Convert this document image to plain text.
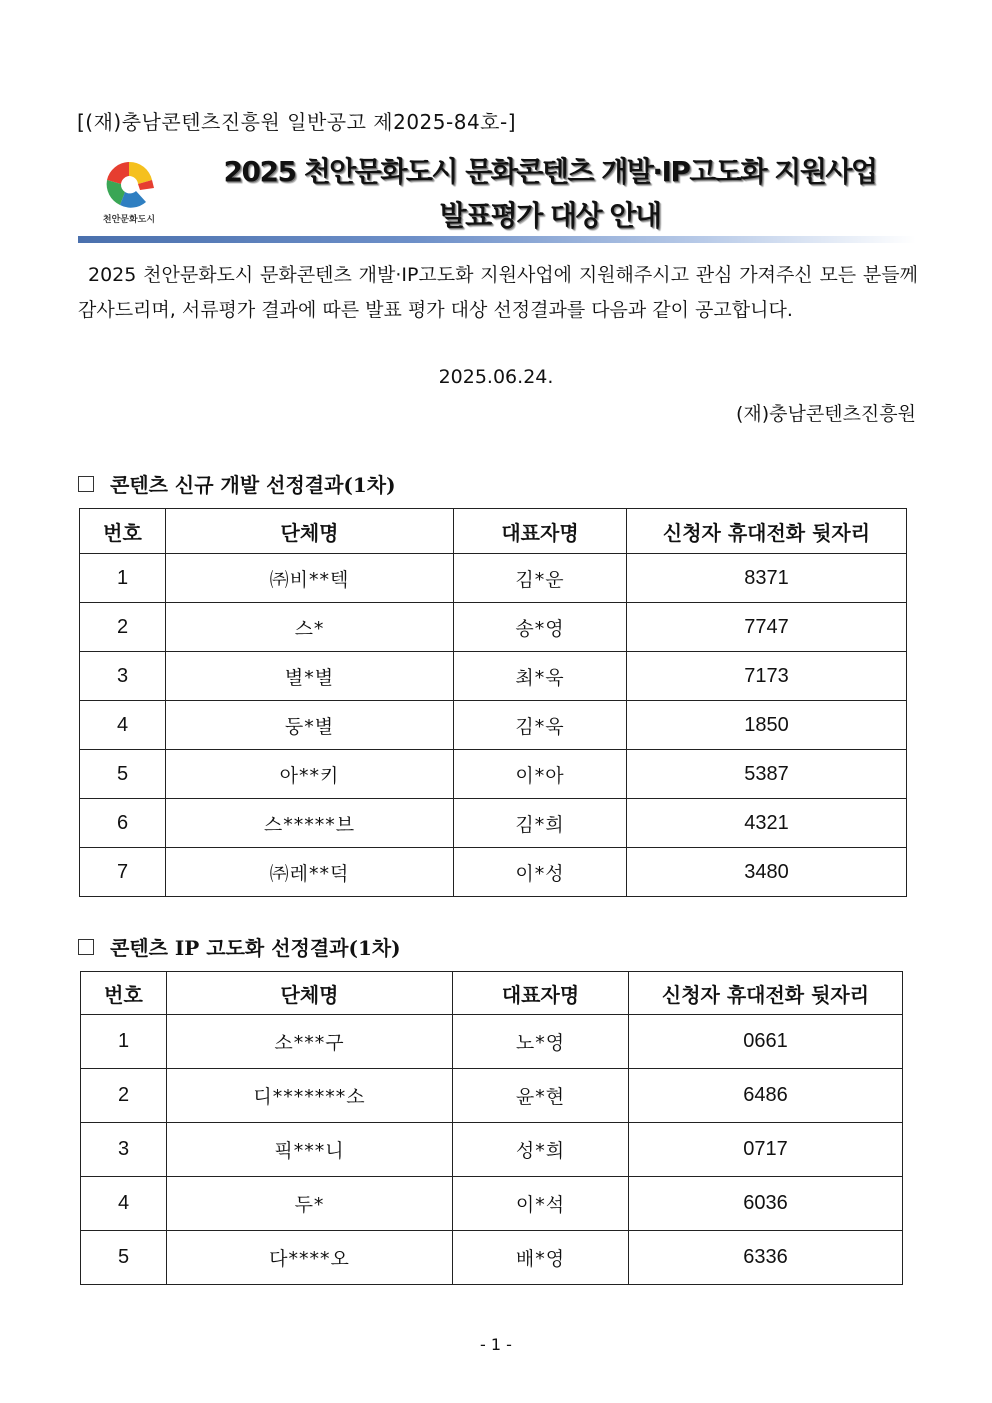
[(재)충남콘텐츠진흥원 일반공고 제2025-84호-]
천안문화도시
2025 천안문화도시 문화콘텐츠 개발·IP고도화 지원사업
발표평가 대상 안내
2025 천안문화도시 문화콘텐츠 개발·IP고도화 지원사업에 지원해주시고 관심 가져주신 모든 분들께 감사드리며, 서류평가 결과에 따른 발표 평가 대상 선정결과를 다음과 같이 공고합니다.
2025.06.24.
(재)충남콘텐츠진흥원
콘텐츠 신규 개발 선정결과(1차)
번호	단체명	대표자명	신청자 휴대전화 뒷자리
1	㈜비**텍	김*운	8371
2	스*	송*영	7747
3	별*별	최*욱	7173
4	둥*별	김*욱	1850
5	아**키	이*아	5387
6	스*****브	김*희	4321
7	㈜레**덕	이*성	3480
콘텐츠 IP 고도화 선정결과(1차)
번호	단체명	대표자명	신청자 휴대전화 뒷자리
1	소***구	노*영	0661
2	디*******소	윤*현	6486
3	픽***니	성*희	0717
4	두*	이*석	6036
5	다****오	배*영	6336
- 1 -
